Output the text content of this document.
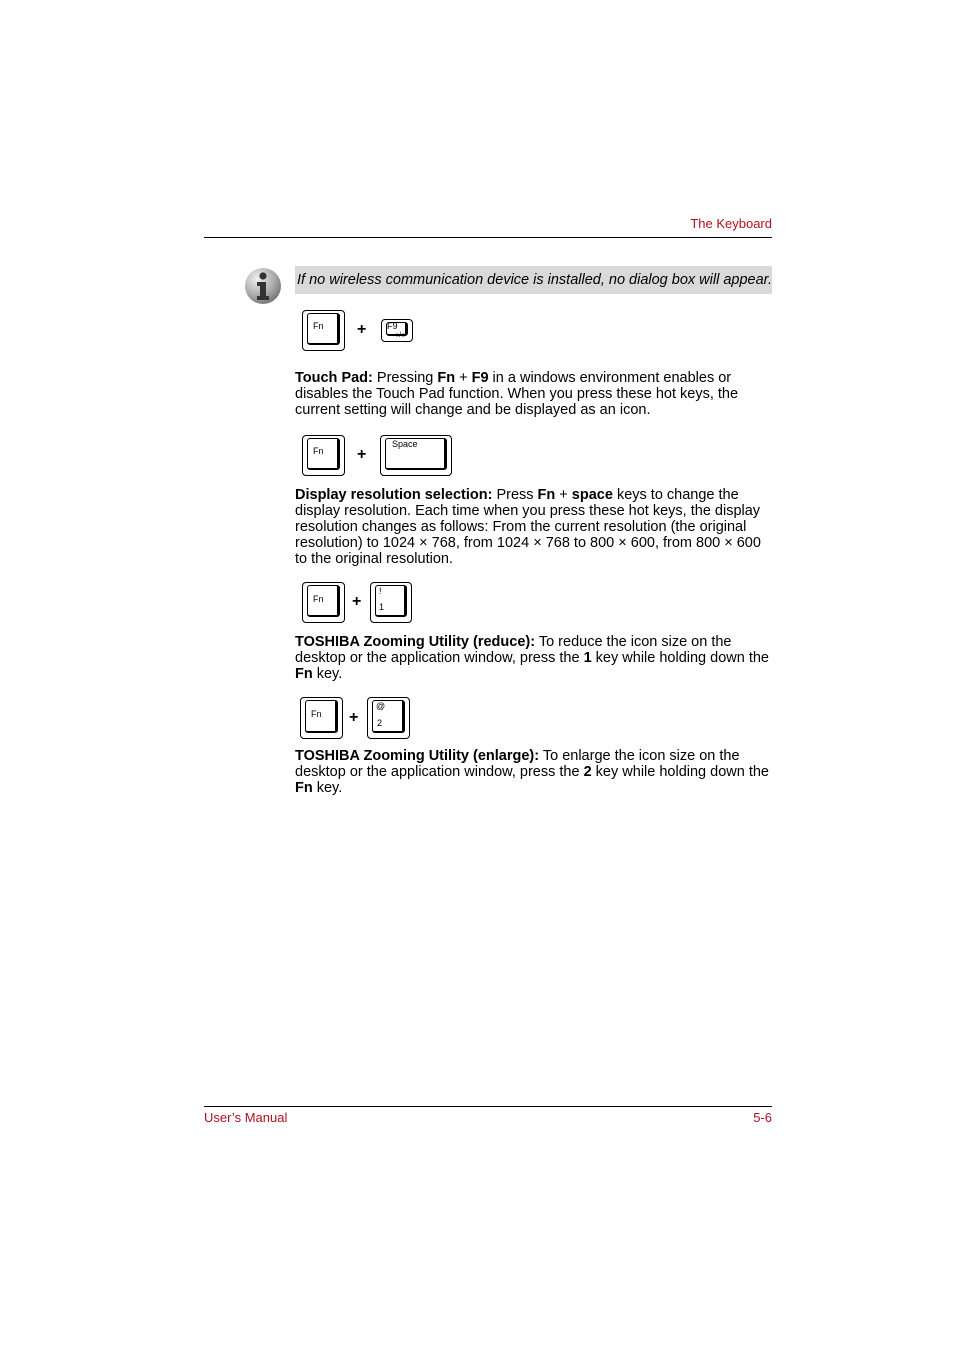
The Keyboard
If no wireless communication device is installed, no dialog box will appear.
Fn + F9
○/●
Touch Pad: Pressing Fn + F9 in a windows environment enables or disables the Touch Pad function. When you press these hot keys, the current setting will change and be displayed as an icon.
Fn +
Space
Display resolution selection: Press Fn + space keys to change the display resolution. Each time when you press these hot keys, the display resolution changes as follows: From the current resolution (the original resolution) to 1024 × 768, from 1024 × 768 to 800 × 600, from 800 × 600 to the original resolution.
Fn +
!
1
TOSHIBA Zooming Utility (reduce): To reduce the icon size on the desktop or the application window, press the 1 key while holding down the Fn key.
Fn +
@
2
TOSHIBA Zooming Utility (enlarge): To enlarge the icon size on the desktop or the application window, press the 2 key while holding down the Fn key.
User’s Manual	5-6
